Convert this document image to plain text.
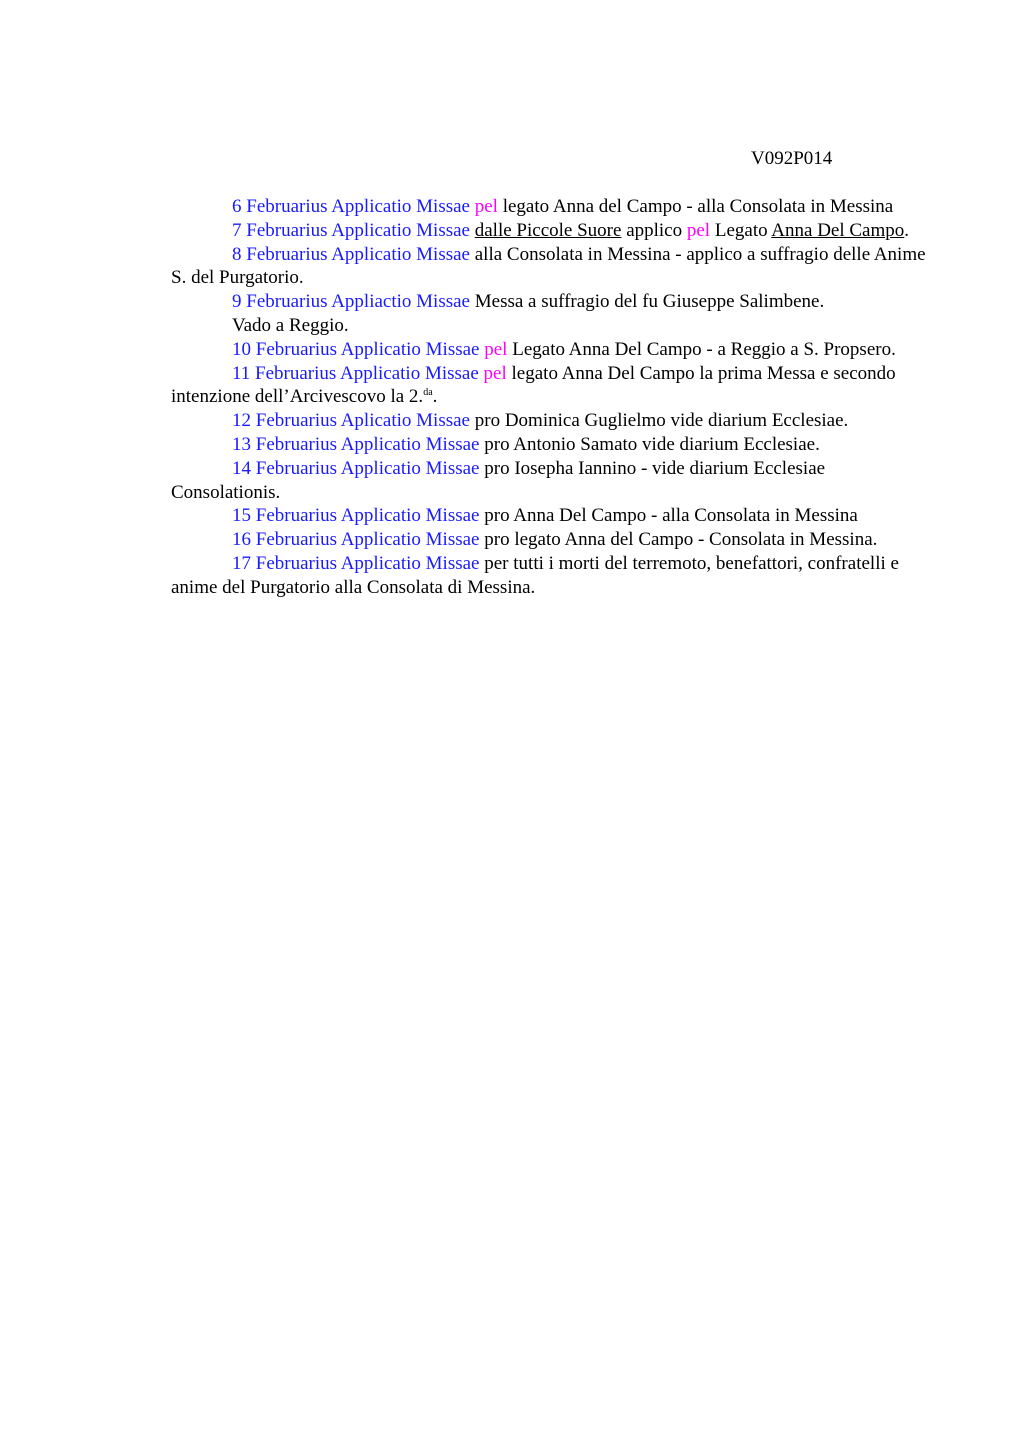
V092P014

6 Februarius Applicatio Missae pel legato Anna del Campo - alla Consolata in Messina

7 Februarius Applicatio Missae dalle Piccole Suore applico pel Legato Anna Del Campo.

8 Februarius Applicatio Missae alla Consolata in Messina - applico a suffragio delle Anime S. del Purgatorio.

9 Februarius Appliactio Missae Messa a suffragio del fu Giuseppe Salimbene.

Vado a Reggio.

10 Februarius Applicatio Missae pel Legato Anna Del Campo - a Reggio a S. Propsero.

11 Februarius Applicatio Missae pel legato Anna Del Campo la prima Messa e secondo intenzione dell’Arcivescovo la 2.$^{da}$.

12 Februarius Aplicatio Missae pro Dominica Guglielmo vide diarium Ecclesiae.

13 Februarius Applicatio Missae pro Antonio Samato vide diarium Ecclesiae.

14 Februarius Applicatio Missae pro Iosepha Iannino - vide diarium Ecclesiae Consolationis.

15 Februarius Applicatio Missae pro Anna Del Campo - alla Consolata in Messina

16 Februarius Applicatio Missae pro legato Anna del Campo - Consolata in Messina.

17 Februarius Applicatio Missae per tutti i morti del terremoto, benefattori, confratelli e anime del Purgatorio alla Consolata di Messina.
